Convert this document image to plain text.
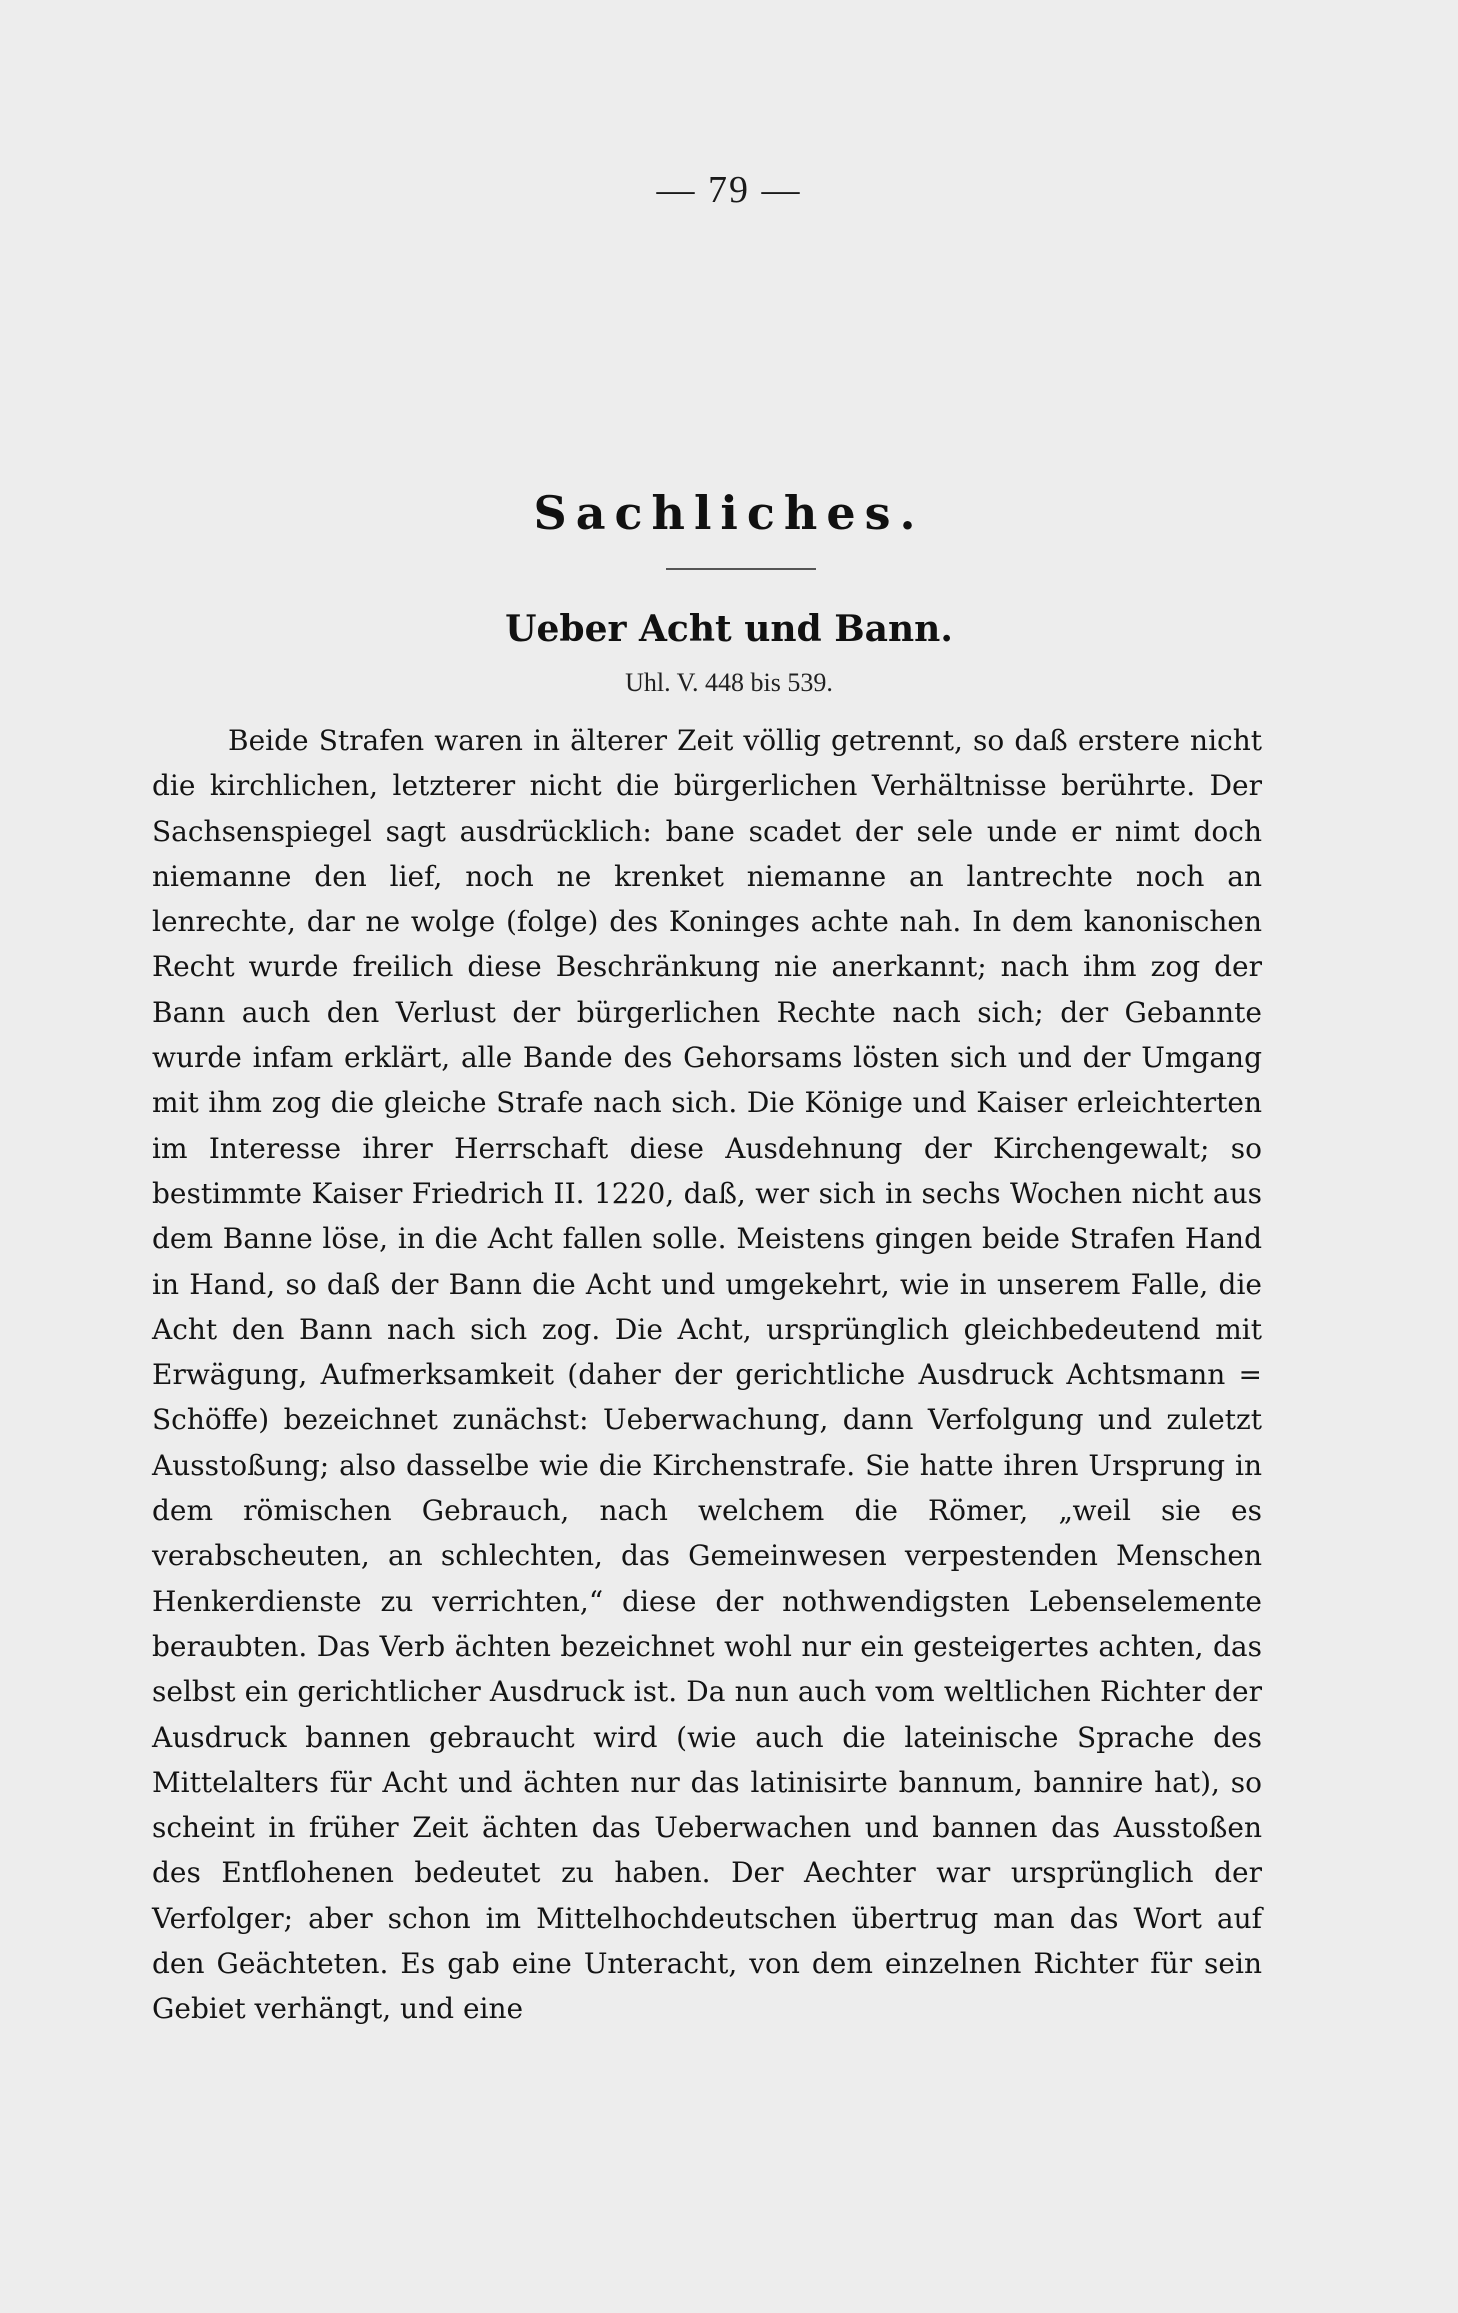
— 79 —
Sachliches.
Ueber Acht und Bann.
Uhl. V. 448 bis 539.

Beide Strafen waren in älterer Zeit völlig getrennt, so daß erstere nicht die kirchlichen, letzterer nicht die bürgerlichen Verhältnisse berührte. Der Sachsenspiegel sagt ausdrücklich: bane scadet der sele unde er nimt doch niemanne den lief, noch ne krenket niemanne an lantrechte noch an lenrechte, dar ne wolge (folge) des Koninges achte nah. In dem kanonischen Recht wurde freilich diese Beschränkung nie anerkannt; nach ihm zog der Bann auch den Verlust der bürgerlichen Rechte nach sich; der Gebannte wurde infam erklärt, alle Bande des Gehorsams lösten sich und der Umgang mit ihm zog die gleiche Strafe nach sich. Die Könige und Kaiser erleichterten im Interesse ihrer Herrschaft diese Ausdehnung der Kirchengewalt; so bestimmte Kaiser Friedrich II. 1220, daß, wer sich in sechs Wochen nicht aus dem Banne löse, in die Acht fallen solle. Meistens gingen beide Strafen Hand in Hand, so daß der Bann die Acht und umgekehrt, wie in unserem Falle, die Acht den Bann nach sich zog. Die Acht, ursprünglich gleichbedeutend mit Erwägung, Aufmerksamkeit (daher der gerichtliche Ausdruck Achtsmann = Schöffe) bezeichnet zunächst: Ueberwachung, dann Verfolgung und zuletzt Ausstoßung; also dasselbe wie die Kirchenstrafe. Sie hatte ihren Ursprung in dem römischen Gebrauch, nach welchem die Römer, „weil sie es verabscheuten, an schlechten, das Gemeinwesen verpestenden Menschen Henkerdienste zu verrichten,“ diese der nothwendigsten Lebenselemente beraubten. Das Verb ächten bezeichnet wohl nur ein gesteigertes achten, das selbst ein gerichtlicher Ausdruck ist. Da nun auch vom weltlichen Richter der Ausdruck bannen gebraucht wird (wie auch die lateinische Sprache des Mittelalters für Acht und ächten nur das latinisirte bannum, bannire hat), so scheint in früher Zeit ächten das Ueberwachen und bannen das Ausstoßen des Entflohenen bedeutet zu haben. Der Aechter war ursprünglich der Verfolger; aber schon im Mittelhochdeutschen übertrug man das Wort auf den Geächteten. Es gab eine Unteracht, von dem einzelnen Richter für sein Gebiet verhängt, und eine
